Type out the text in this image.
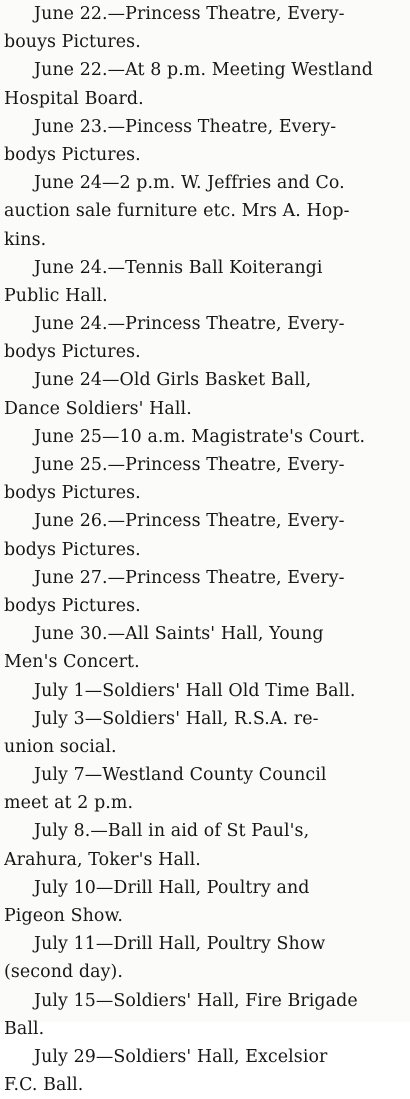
June 22.—Princess Theatre, Every-
bouys Pictures.
June 22.—At 8 p.m. Meeting Westland
Hospital Board.
June 23.—Pincess Theatre, Every-
bodys Pictures.
June 24—2 p.m. W. Jeffries and Co.
auction sale furniture etc. Mrs A. Hop-
kins.
June 24.—Tennis Ball Koiterangi
Public Hall.
June 24.—Princess Theatre, Every-
bodys Pictures.
June 24—Old Girls Basket Ball,
Dance Soldiers' Hall.
June 25—10 a.m. Magistrate's Court.
June 25.—Princess Theatre, Every-
bodys Pictures.
June 26.—Princess Theatre, Every-
bodys Pictures.
June 27.—Princess Theatre, Every-
bodys Pictures.
June 30.—All Saints' Hall, Young
Men's Concert.
July 1—Soldiers' Hall Old Time Ball.
July 3—Soldiers' Hall, R.S.A. re-
union social.
July 7—Westland County Council
meet at 2 p.m.
July 8.—Ball in aid of St Paul's,
Arahura, Toker's Hall.
July 10—Drill Hall, Poultry and
Pigeon Show.
July 11—Drill Hall, Poultry Show
(second day).
July 15—Soldiers' Hall, Fire Brigade
Ball.
July 29—Soldiers' Hall, Excelsior
F.C. Ball.
